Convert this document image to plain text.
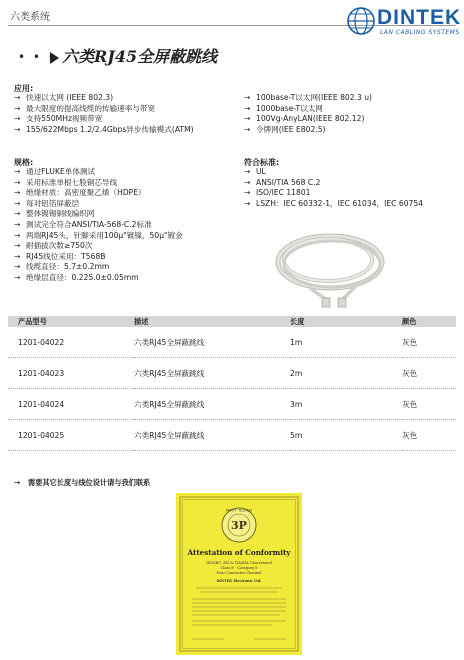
六类系统	DINTEK
LAN CABLING SYSTEMS
• • • 六类RJ45全屏蔽跳线
应用:
→ 快速以太网 (IEEE 802.3)
→ 最大限度的提高线缆的传输速率与带宽
→ 支持550MHz视频带宽
→ 155/622Mbps 1.2/2.4Gbps异步传输模式(ATM)
→ 100base-T以太网(IEEE 802.3 u)
→ 1000base-T以太网
→ 100Vg-AnyLAN(IEEE 802.12)
→ 令牌网(IEE E802.5)
规格:
→ 通过FLUKE单体测试
→ 采用标准单根七股铜芯导线
→ 绝缘材质：高密度聚乙烯（HDPE）
→ 每对铝箔屏蔽层
→ 整体镀锡铜线编织网
→ 测试完全符合ANSI/TIA-568-C.2标准
→ 两端RJ45头，针脚采用100μ"镀镍，50μ"镀金
→ 耐插拔次数≥750次
→ RJ45线位采用：T568B
→ 线缆直径：5.7±0.2mm
→ 绝缘层直径：0.225.0±0.05mm
符合标准:
→ UL
→ ANSI/TIA 568 C.2
→ ISO/IEC 11801
→ LSZH：IEC 60332-1，IEC 61034，IEC 60754
产品型号	描述	长度	颜色
1201-04022	六类RJ45全屏蔽跳线	1m	灰色
1201-04023	六类RJ45全屏蔽跳线	2m	灰色
1201-04024	六类RJ45全屏蔽跳线	3m	灰色
1201-04025	六类RJ45全屏蔽跳线	5m	灰色
→ 需要其它长度与线位设计请与我们联系
3P
PARTY TESTED
Attestation of Conformity
ISO/IEC, EN & TIA/EIA Unscreened
Class E - Category 6
Four Connector Channel
DINTEK Electronic Ltd.
